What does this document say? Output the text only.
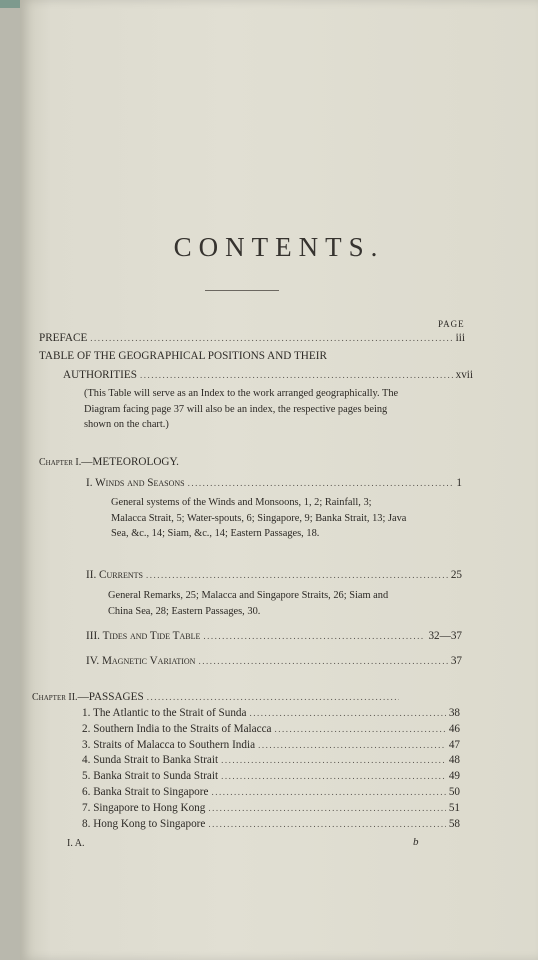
CONTENTS.
PAGE
PREFACE .....	iii
TABLE OF THE GEOGRAPHICAL POSITIONS AND THEIR
AUTHORITIES .....	xvii
(This Table will serve as an Index to the work arranged geographically. The Diagram facing page 37 will also be an index, the respective pages being shown on the chart.)
Chapter I.—METEOROLOGY.
I. Winds and Seasons .....	1
General systems of the Winds and Monsoons, 1, 2; Rainfall, 3; Malacca Strait, 5; Water-spouts, 6; Singapore, 9; Banka Strait, 13; Java Sea, &c., 14; Siam, &c., 14; Eastern Passages, 18.
II. Currents .....	25
General Remarks, 25; Malacca and Singapore Straits, 26; Siam and China Sea, 28; Eastern Passages, 30.
III. Tides and Tide Table .....	32—37
IV. Magnetic Variation .....	37
Chapter II.—PASSAGES
.....
1. The Atlantic to the Strait of Sunda .....	38
2. Southern India to the Straits of Malacca .....	46
3. Straits of Malacca to Southern India .....	47
4. Sunda Strait to Banka Strait .....	48
5. Banka Strait to Sunda Strait .....	49
6. Banka Strait to Singapore .....	50
7. Singapore to Hong Kong .....	51
8. Hong Kong to Singapore .....	58
I. A.	b
